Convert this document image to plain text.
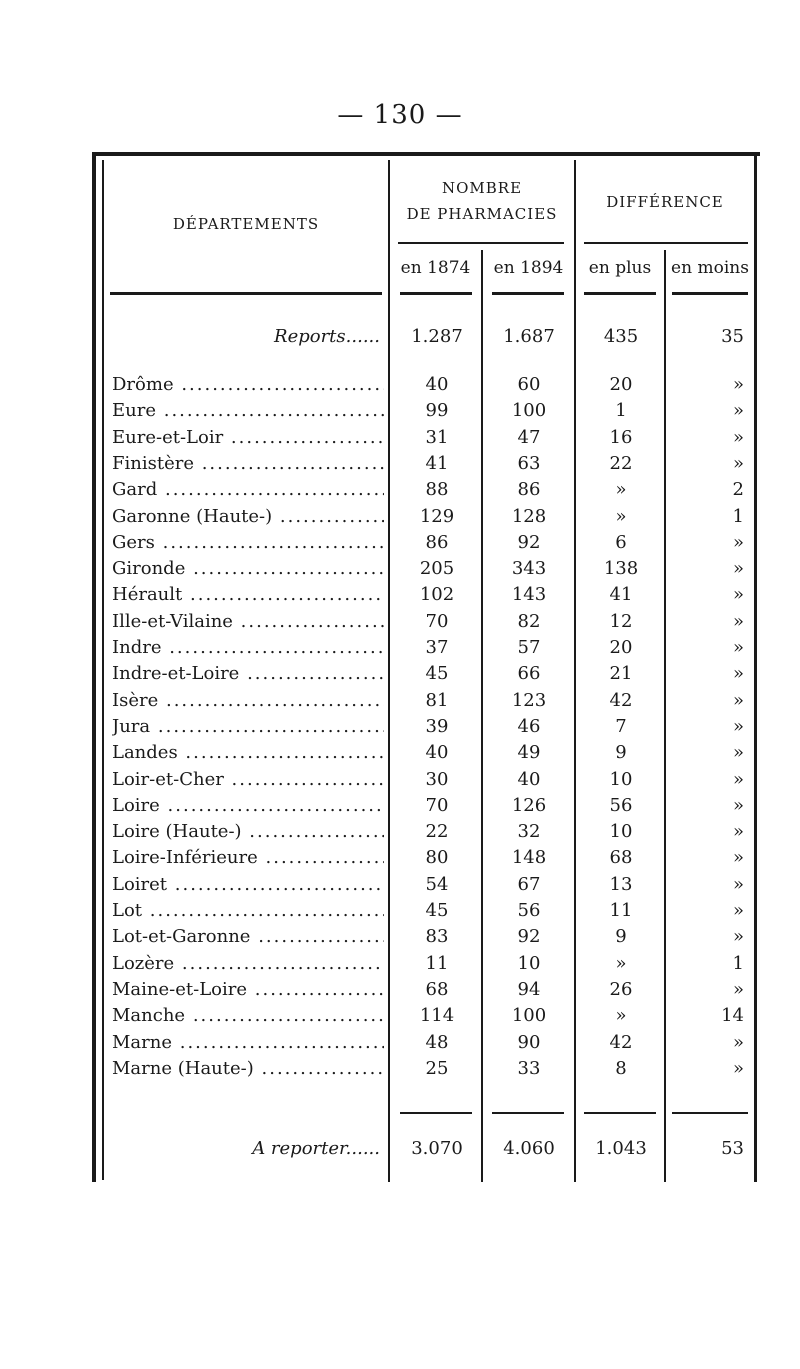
— 130 —
DÉPARTEMENTS
NOMBRE
DE PHARMACIES
DIFFÉRENCE
en 1874	en 1894	en plus	en moins
Reports......	1.287	1.687	435	35
Drôme .....	40	60	20	»
Eure .....	99	100	1	»
Eure-et-Loir .....	31	47	16	»
Finistère .....	41	63	22	»
Gard .....	88	86	»	2
Garonne (Haute-) .....	129	128	»	1
Gers .....	86	92	6	»
Gironde .....	205	343	138	»
Hérault .....	102	143	41	»
Ille-et-Vilaine .....	70	82	12	»
Indre .....	37	57	20	»
Indre-et-Loire .....	45	66	21	»
Isère .....	81	123	42	»
Jura .....	39	46	7	»
Landes .....	40	49	9	»
Loir-et-Cher .....	30	40	10	»
Loire .....	70	126	56	»
Loire (Haute-) .....	22	32	10	»
Loire-Inférieure .....	80	148	68	»
Loiret .....	54	67	13	»
Lot .....	45	56	11	»
Lot-et-Garonne .....	83	92	9	»
Lozère .....	11	10	»	1
Maine-et-Loire .....	68	94	26	»
Manche .....	114	100	»	14
Marne .....	48	90	42	»
Marne (Haute-) .....	25	33	8	»
A reporter......	3.070	4.060	1.043	53
